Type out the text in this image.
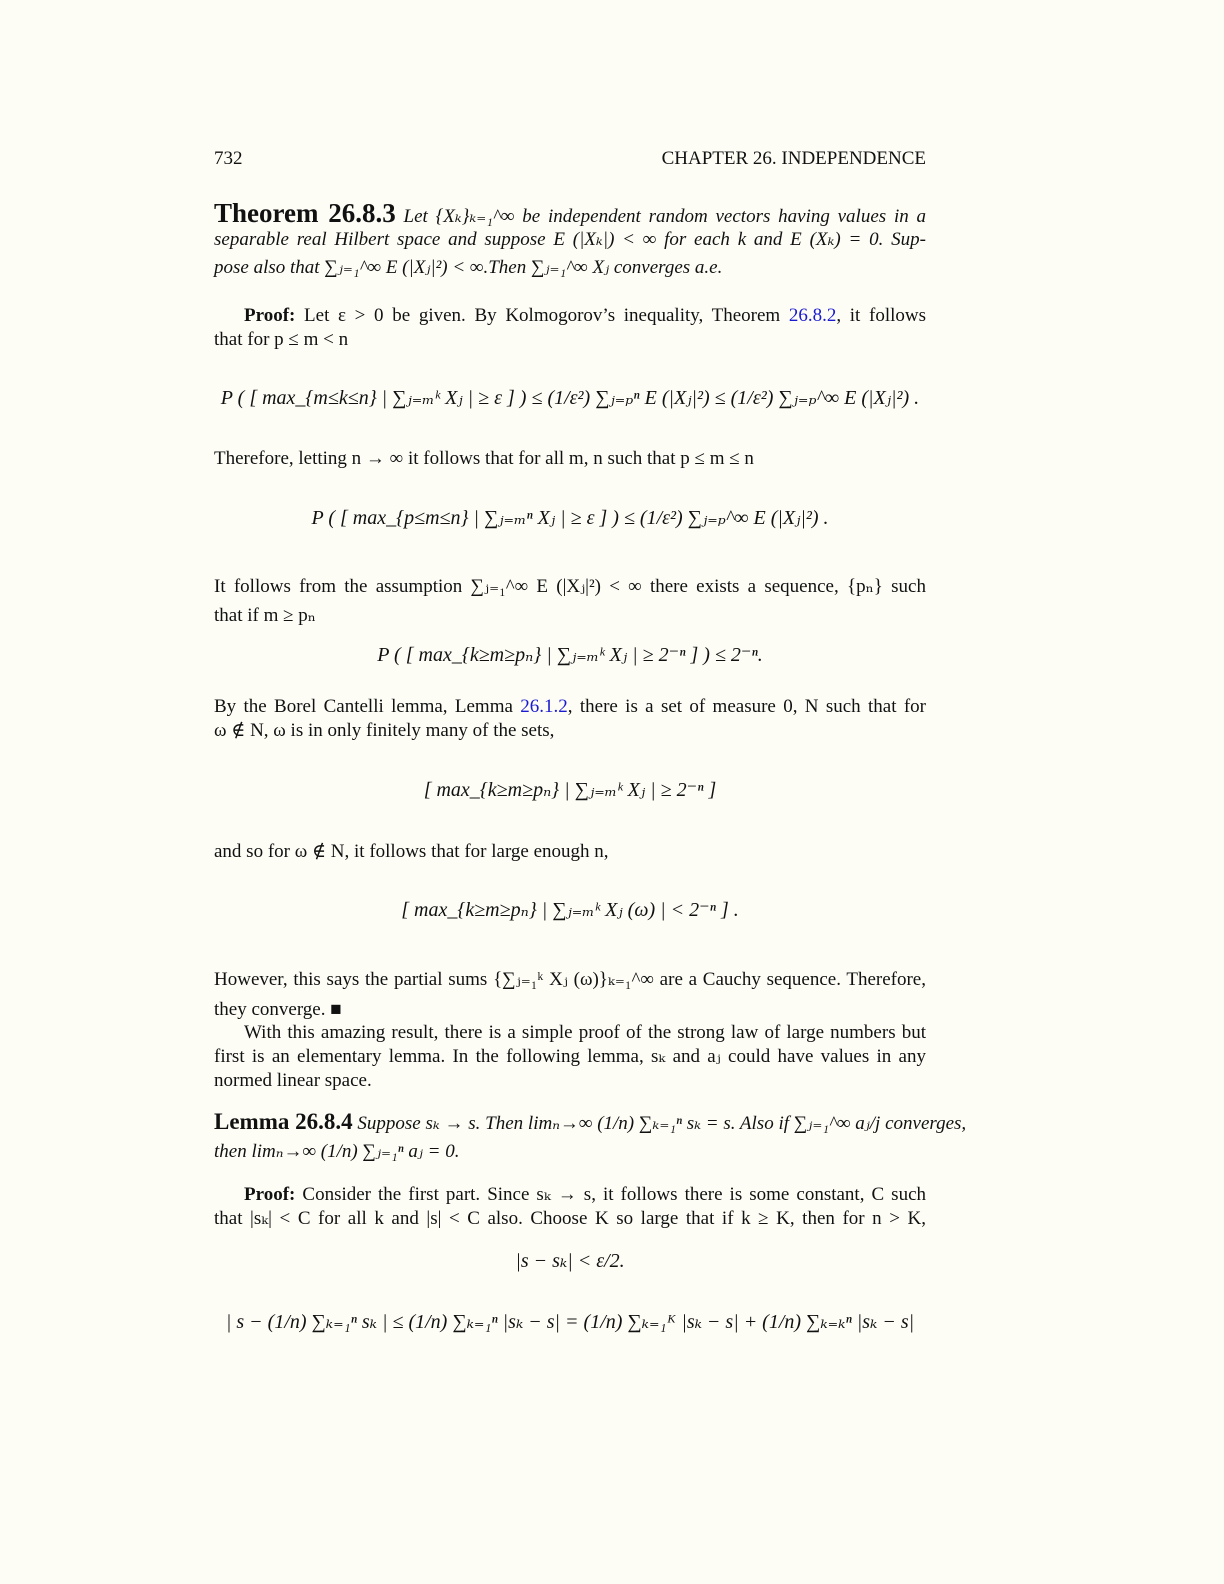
732	CHAPTER 26. INDEPENDENCE
Theorem 26.8.3 Let {Xₖ}ₖ₌₁^∞ be independent random vectors having values in a
separable real Hilbert space and suppose E (|Xₖ|) < ∞ for each k and E (Xₖ) = 0. Sup-
pose also that ∑ⱼ₌₁^∞ E (|Xⱼ|²) < ∞.Then ∑ⱼ₌₁^∞ Xⱼ converges a.e.
Proof: Let ε > 0 be given. By Kolmogorov’s inequality, Theorem 26.8.2, it follows
that for p ≤ m < n
P ( [ max_{m≤k≤n} | ∑ⱼ₌ₘᵏ Xⱼ | ≥ ε ] ) ≤ (1/ε²) ∑ⱼ₌ₚⁿ E (|Xⱼ|²) ≤ (1/ε²) ∑ⱼ₌ₚ^∞ E (|Xⱼ|²) .
Therefore, letting n → ∞ it follows that for all m, n such that p ≤ m ≤ n
P ( [ max_{p≤m≤n} | ∑ⱼ₌ₘⁿ Xⱼ | ≥ ε ] ) ≤ (1/ε²) ∑ⱼ₌ₚ^∞ E (|Xⱼ|²) .
It follows from the assumption ∑ⱼ₌₁^∞ E (|Xⱼ|²) < ∞ there exists a sequence, {pₙ} such
that if m ≥ pₙ
P ( [ max_{k≥m≥pₙ} | ∑ⱼ₌ₘᵏ Xⱼ | ≥ 2⁻ⁿ ] ) ≤ 2⁻ⁿ.
By the Borel Cantelli lemma, Lemma 26.1.2, there is a set of measure 0, N such that for
ω ∉ N, ω is in only finitely many of the sets,
[ max_{k≥m≥pₙ} | ∑ⱼ₌ₘᵏ Xⱼ | ≥ 2⁻ⁿ ]
and so for ω ∉ N, it follows that for large enough n,
[ max_{k≥m≥pₙ} | ∑ⱼ₌ₘᵏ Xⱼ (ω) | < 2⁻ⁿ ] .
However, this says the partial sums {∑ⱼ₌₁ᵏ Xⱼ (ω)}ₖ₌₁^∞ are a Cauchy sequence. Therefore,
they converge. ■
With this amazing result, there is a simple proof of the strong law of large numbers but
first is an elementary lemma. In the following lemma, sₖ and aⱼ could have values in any
normed linear space.
Lemma 26.8.4 Suppose sₖ → s. Then limₙ→∞ (1/n) ∑ₖ₌₁ⁿ sₖ = s. Also if ∑ⱼ₌₁^∞ aⱼ/j converges,
then limₙ→∞ (1/n) ∑ⱼ₌₁ⁿ aⱼ = 0.
Proof: Consider the first part. Since sₖ → s, it follows there is some constant, C such
that |sₖ| < C for all k and |s| < C also. Choose K so large that if k ≥ K, then for n > K,
|s − sₖ| < ε/2.
| s − (1/n) ∑ₖ₌₁ⁿ sₖ | ≤ (1/n) ∑ₖ₌₁ⁿ |sₖ − s| = (1/n) ∑ₖ₌₁ᴷ |sₖ − s| + (1/n) ∑ₖ₌ₖⁿ |sₖ − s|
